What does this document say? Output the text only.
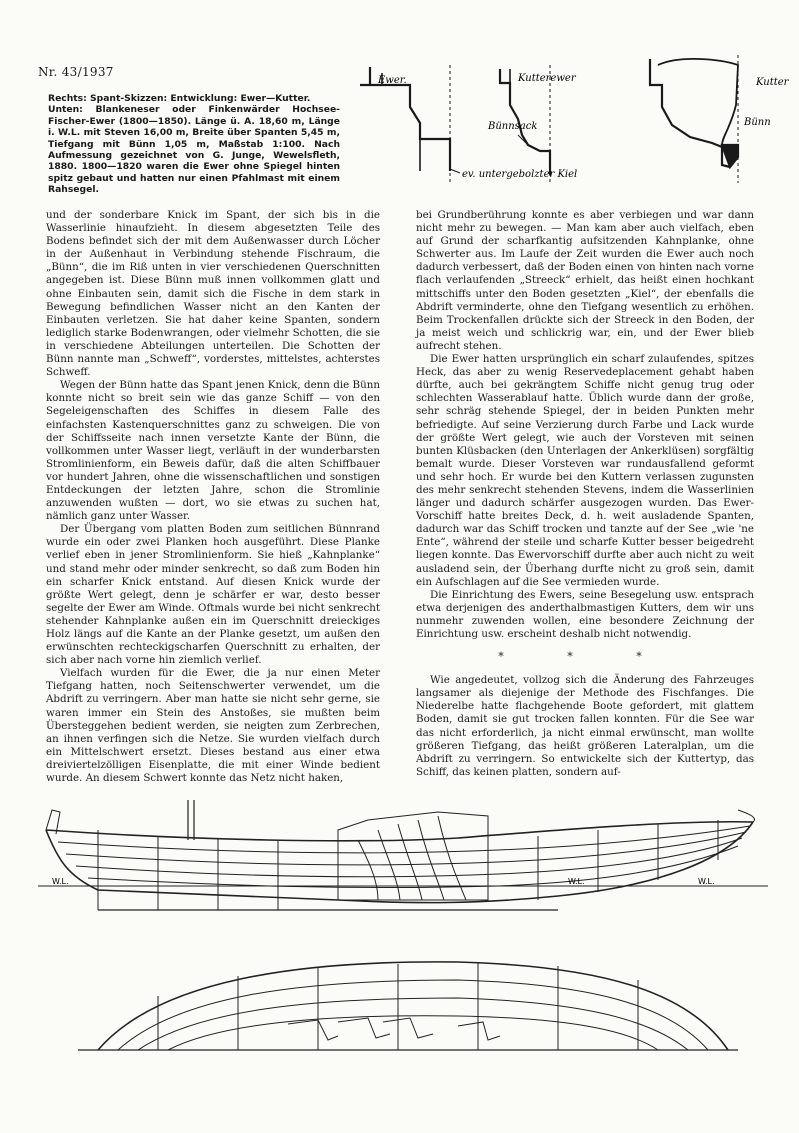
Nr. 43/1937

Rechts: Spant-Skizzen: Entwicklung: Ewer—Kutter.

Unten: Blankeneser oder Finkenwärder Hochsee-Fischer-Ewer (1800—1850). Länge ü. A. 18,60 m, Länge i. W.L. mit Steven 16,00 m, Breite über Spanten 5,45 m, Tiefgang mit Bünn 1,05 m, Maßstab 1:100. Nach Aufmessung gezeichnet von G. Junge, Wewelsfleth, 1880. 1800—1820 waren die Ewer ohne Spiegel hinten spitz gebaut und hatten nur einen Pfahlmast mit einem Rahsegel.

Ewer.	Kutterewer	Kutter
Bünnsack	Bünn
ev. untergebolzter Kiel

und der sonderbare Knick im Spant, der sich bis in die Wasserlinie hinaufzieht. In diesem abgesetzten Teile des Bodens befindet sich der mit dem Außenwasser durch Löcher in der Außenhaut in Verbindung stehende Fischraum, die „Bünn“, die im Riß unten in vier verschiedenen Querschnitten angegeben ist. Diese Bünn muß innen vollkommen glatt und ohne Einbauten sein, damit sich die Fische in dem stark in Bewegung befindlichen Wasser nicht an den Kanten der Einbauten verletzen. Sie hat daher keine Spanten, sondern lediglich starke Bodenwrangen, oder vielmehr Schotten, die sie in verschiedene Abteilungen unterteilen. Die Schotten der Bünn nannte man „Schweff“, vorderstes, mittelstes, achterstes Schweff.

Wegen der Bünn hatte das Spant jenen Knick, denn die Bünn konnte nicht so breit sein wie das ganze Schiff — von den Segeleigenschaften des Schiffes in diesem Falle des einfachsten Kastenquerschnittes ganz zu schweigen. Die von der Schiffsseite nach innen versetzte Kante der Bünn, die vollkommen unter Wasser liegt, verläuft in der wunderbarsten Stromlinienform, ein Beweis dafür, daß die alten Schiffbauer vor hundert Jahren, ohne die wissenschaftlichen und sonstigen Entdeckungen der letzten Jahre, schon die Stromlinie anzuwenden wußten — dort, wo sie etwas zu suchen hat, nämlich ganz unter Wasser.

Der Übergang vom platten Boden zum seitlichen Bünnrand wurde ein oder zwei Planken hoch ausgeführt. Diese Planke verlief eben in jener Stromlinienform. Sie hieß „Kahnplanke“ und stand mehr oder minder senkrecht, so daß zum Boden hin ein scharfer Knick entstand. Auf diesen Knick wurde der größte Wert gelegt, denn je schärfer er war, desto besser segelte der Ewer am Winde. Oftmals wurde bei nicht senkrecht stehender Kahnplanke außen ein im Querschnitt dreieckiges Holz längs auf die Kante an der Planke gesetzt, um außen den erwünschten rechteckigscharfen Querschnitt zu erhalten, der sich aber nach vorne hin ziemlich verlief.

Vielfach wurden für die Ewer, die ja nur einen Meter Tiefgang hatten, noch Seitenschwerter verwendet, um die Abdrift zu verringern. Aber man hatte sie nicht sehr gerne, sie waren immer ein Stein des Anstoßes, sie mußten beim Übersteggehen bedient werden, sie neigten zum Zerbrechen, an ihnen verfingen sich die Netze. Sie wurden vielfach durch ein Mittelschwert ersetzt. Dieses bestand aus einer etwa dreiviertelzölligen Eisenplatte, die mit einer Winde bedient wurde. An diesem Schwert konnte das Netz nicht haken,

bei Grundberührung konnte es aber verbiegen und war dann nicht mehr zu bewegen. — Man kam aber auch vielfach, eben auf Grund der scharfkantig aufsitzenden Kahnplanke, ohne Schwerter aus. Im Laufe der Zeit wurden die Ewer auch noch dadurch verbessert, daß der Boden einen von hinten nach vorne flach verlaufenden „Streeck“ erhielt, das heißt einen hochkant mittschiffs unter den Boden gesetzten „Kiel“, der ebenfalls die Abdrift verminderte, ohne den Tiefgang wesentlich zu erhöhen. Beim Trockenfallen drückte sich der Streeck in den Boden, der ja meist weich und schlickrig war, ein, und der Ewer blieb aufrecht stehen.

Die Ewer hatten ursprünglich ein scharf zulaufendes, spitzes Heck, das aber zu wenig Reservedeplacement gehabt haben dürfte, auch bei gekrängtem Schiffe nicht genug trug oder schlechten Wasserablauf hatte. Üblich wurde dann der große, sehr schräg stehende Spiegel, der in beiden Punkten mehr befriedigte. Auf seine Verzierung durch Farbe und Lack wurde der größte Wert gelegt, wie auch der Vorsteven mit seinen bunten Klüsbacken (den Unterlagen der Ankerklüsen) sorgfältig bemalt wurde. Dieser Vorsteven war rundausfallend geformt und sehr hoch. Er wurde bei den Kuttern verlassen zugunsten des mehr senkrecht stehenden Stevens, indem die Wasserlinien länger und dadurch schärfer ausgezogen wurden. Das Ewer-Vorschiff hatte breites Deck, d. h. weit ausladende Spanten, dadurch war das Schiff trocken und tanzte auf der See „wie 'ne Ente“, während der steile und scharfe Kutter besser beigedreht liegen konnte. Das Ewervorschiff durfte aber auch nicht zu weit ausladend sein, der Überhang durfte nicht zu groß sein, damit ein Aufschlagen auf die See vermieden wurde.

Die Einrichtung des Ewers, seine Besegelung usw. entsprach etwa derjenigen des anderthalbmastigen Kutters, dem wir uns nunmehr zuwenden wollen, eine besondere Zeichnung der Einrichtung usw. erscheint deshalb nicht notwendig.

* * *

Wie angedeutet, vollzog sich die Änderung des Fahrzeuges langsamer als diejenige der Methode des Fischfanges. Die Niederelbe hatte flachgehende Boote gefordert, mit glattem Boden, damit sie gut trocken fallen konnten. Für die See war das nicht erforderlich, ja nicht einmal erwünscht, man wollte größeren Tiefgang, das heißt größeren Lateralplan, um die Abdrift zu verringern. So entwickelte sich der Kuttertyp, das Schiff, das keinen platten, sondern auf-

W.L.	W.L.
W.L.
